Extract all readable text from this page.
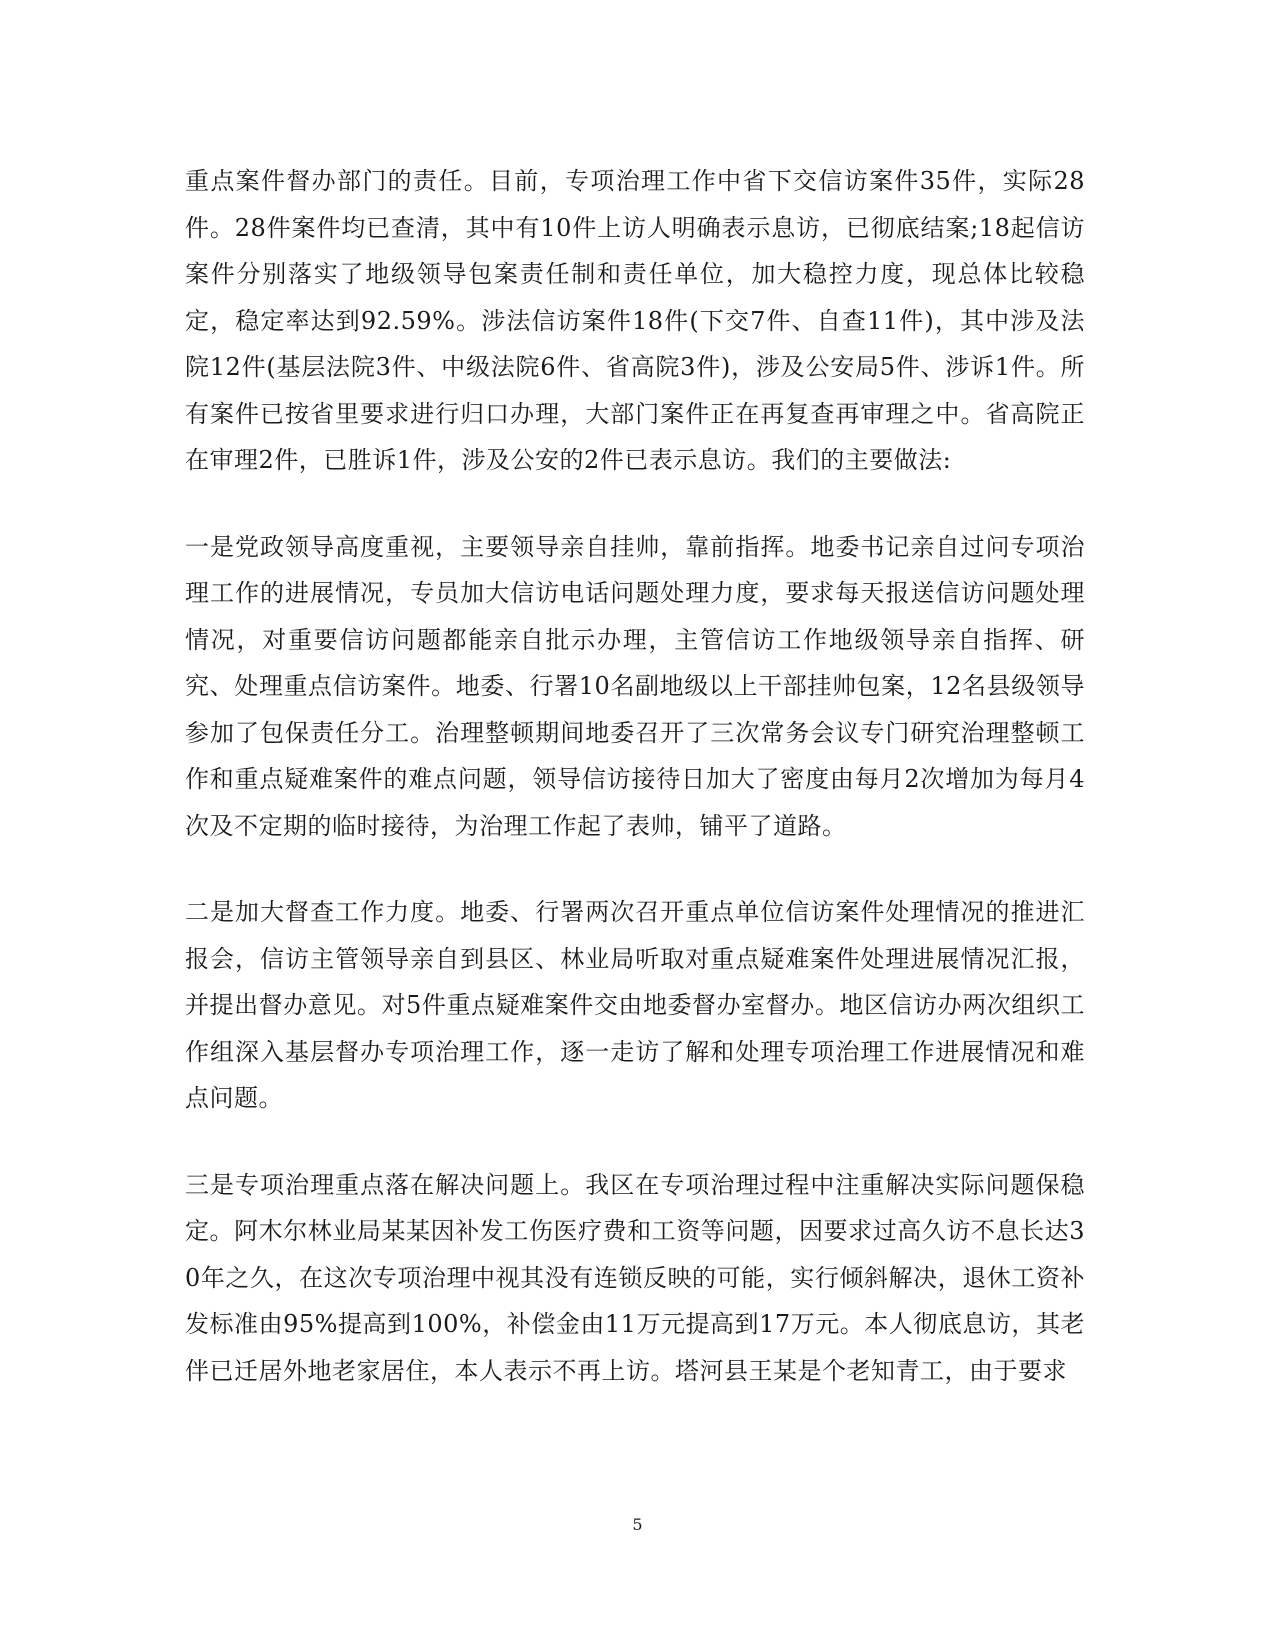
重点案件督办部门的责任。目前，专项治理工作中省下交信访案件35件，实际28件。28件案件均已查清，其中有10件上访人明确表示息访，已彻底结案;18起信访案件分别落实了地级领导包案责任制和责任单位，加大稳控力度，现总体比较稳定，稳定率达到92.59%。涉法信访案件18件(下交7件、自查11件)，其中涉及法院12件(基层法院3件、中级法院6件、省高院3件)，涉及公安局5件、涉诉1件。所有案件已按省里要求进行归口办理，大部门案件正在再复查再审理之中。省高院正在审理2件，已胜诉1件，涉及公安的2件已表示息访。我们的主要做法:

一是党政领导高度重视，主要领导亲自挂帅，靠前指挥。地委书记亲自过问专项治理工作的进展情况，专员加大信访电话问题处理力度，要求每天报送信访问题处理情况，对重要信访问题都能亲自批示办理，主管信访工作地级领导亲自指挥、研究、处理重点信访案件。地委、行署10名副地级以上干部挂帅包案，12名县级领导参加了包保责任分工。治理整顿期间地委召开了三次常务会议专门研究治理整顿工作和重点疑难案件的难点问题，领导信访接待日加大了密度由每月2次增加为每月4次及不定期的临时接待，为治理工作起了表帅，铺平了道路。

二是加大督查工作力度。地委、行署两次召开重点单位信访案件处理情况的推进汇报会，信访主管领导亲自到县区、林业局听取对重点疑难案件处理进展情况汇报，并提出督办意见。对5件重点疑难案件交由地委督办室督办。地区信访办两次组织工作组深入基层督办专项治理工作，逐一走访了解和处理专项治理工作进展情况和难点问题。

三是专项治理重点落在解决问题上。我区在专项治理过程中注重解决实际问题保稳定。阿木尔林业局某某因补发工伤医疗费和工资等问题，因要求过高久访不息长达30年之久，在这次专项治理中视其没有连锁反映的可能，实行倾斜解决，退休工资补发标准由95%提高到100%，补偿金由11万元提高到17万元。本人彻底息访，其老伴已迁居外地老家居住，本人表示不再上访。塔河县王某是个老知青工，由于要求

5
